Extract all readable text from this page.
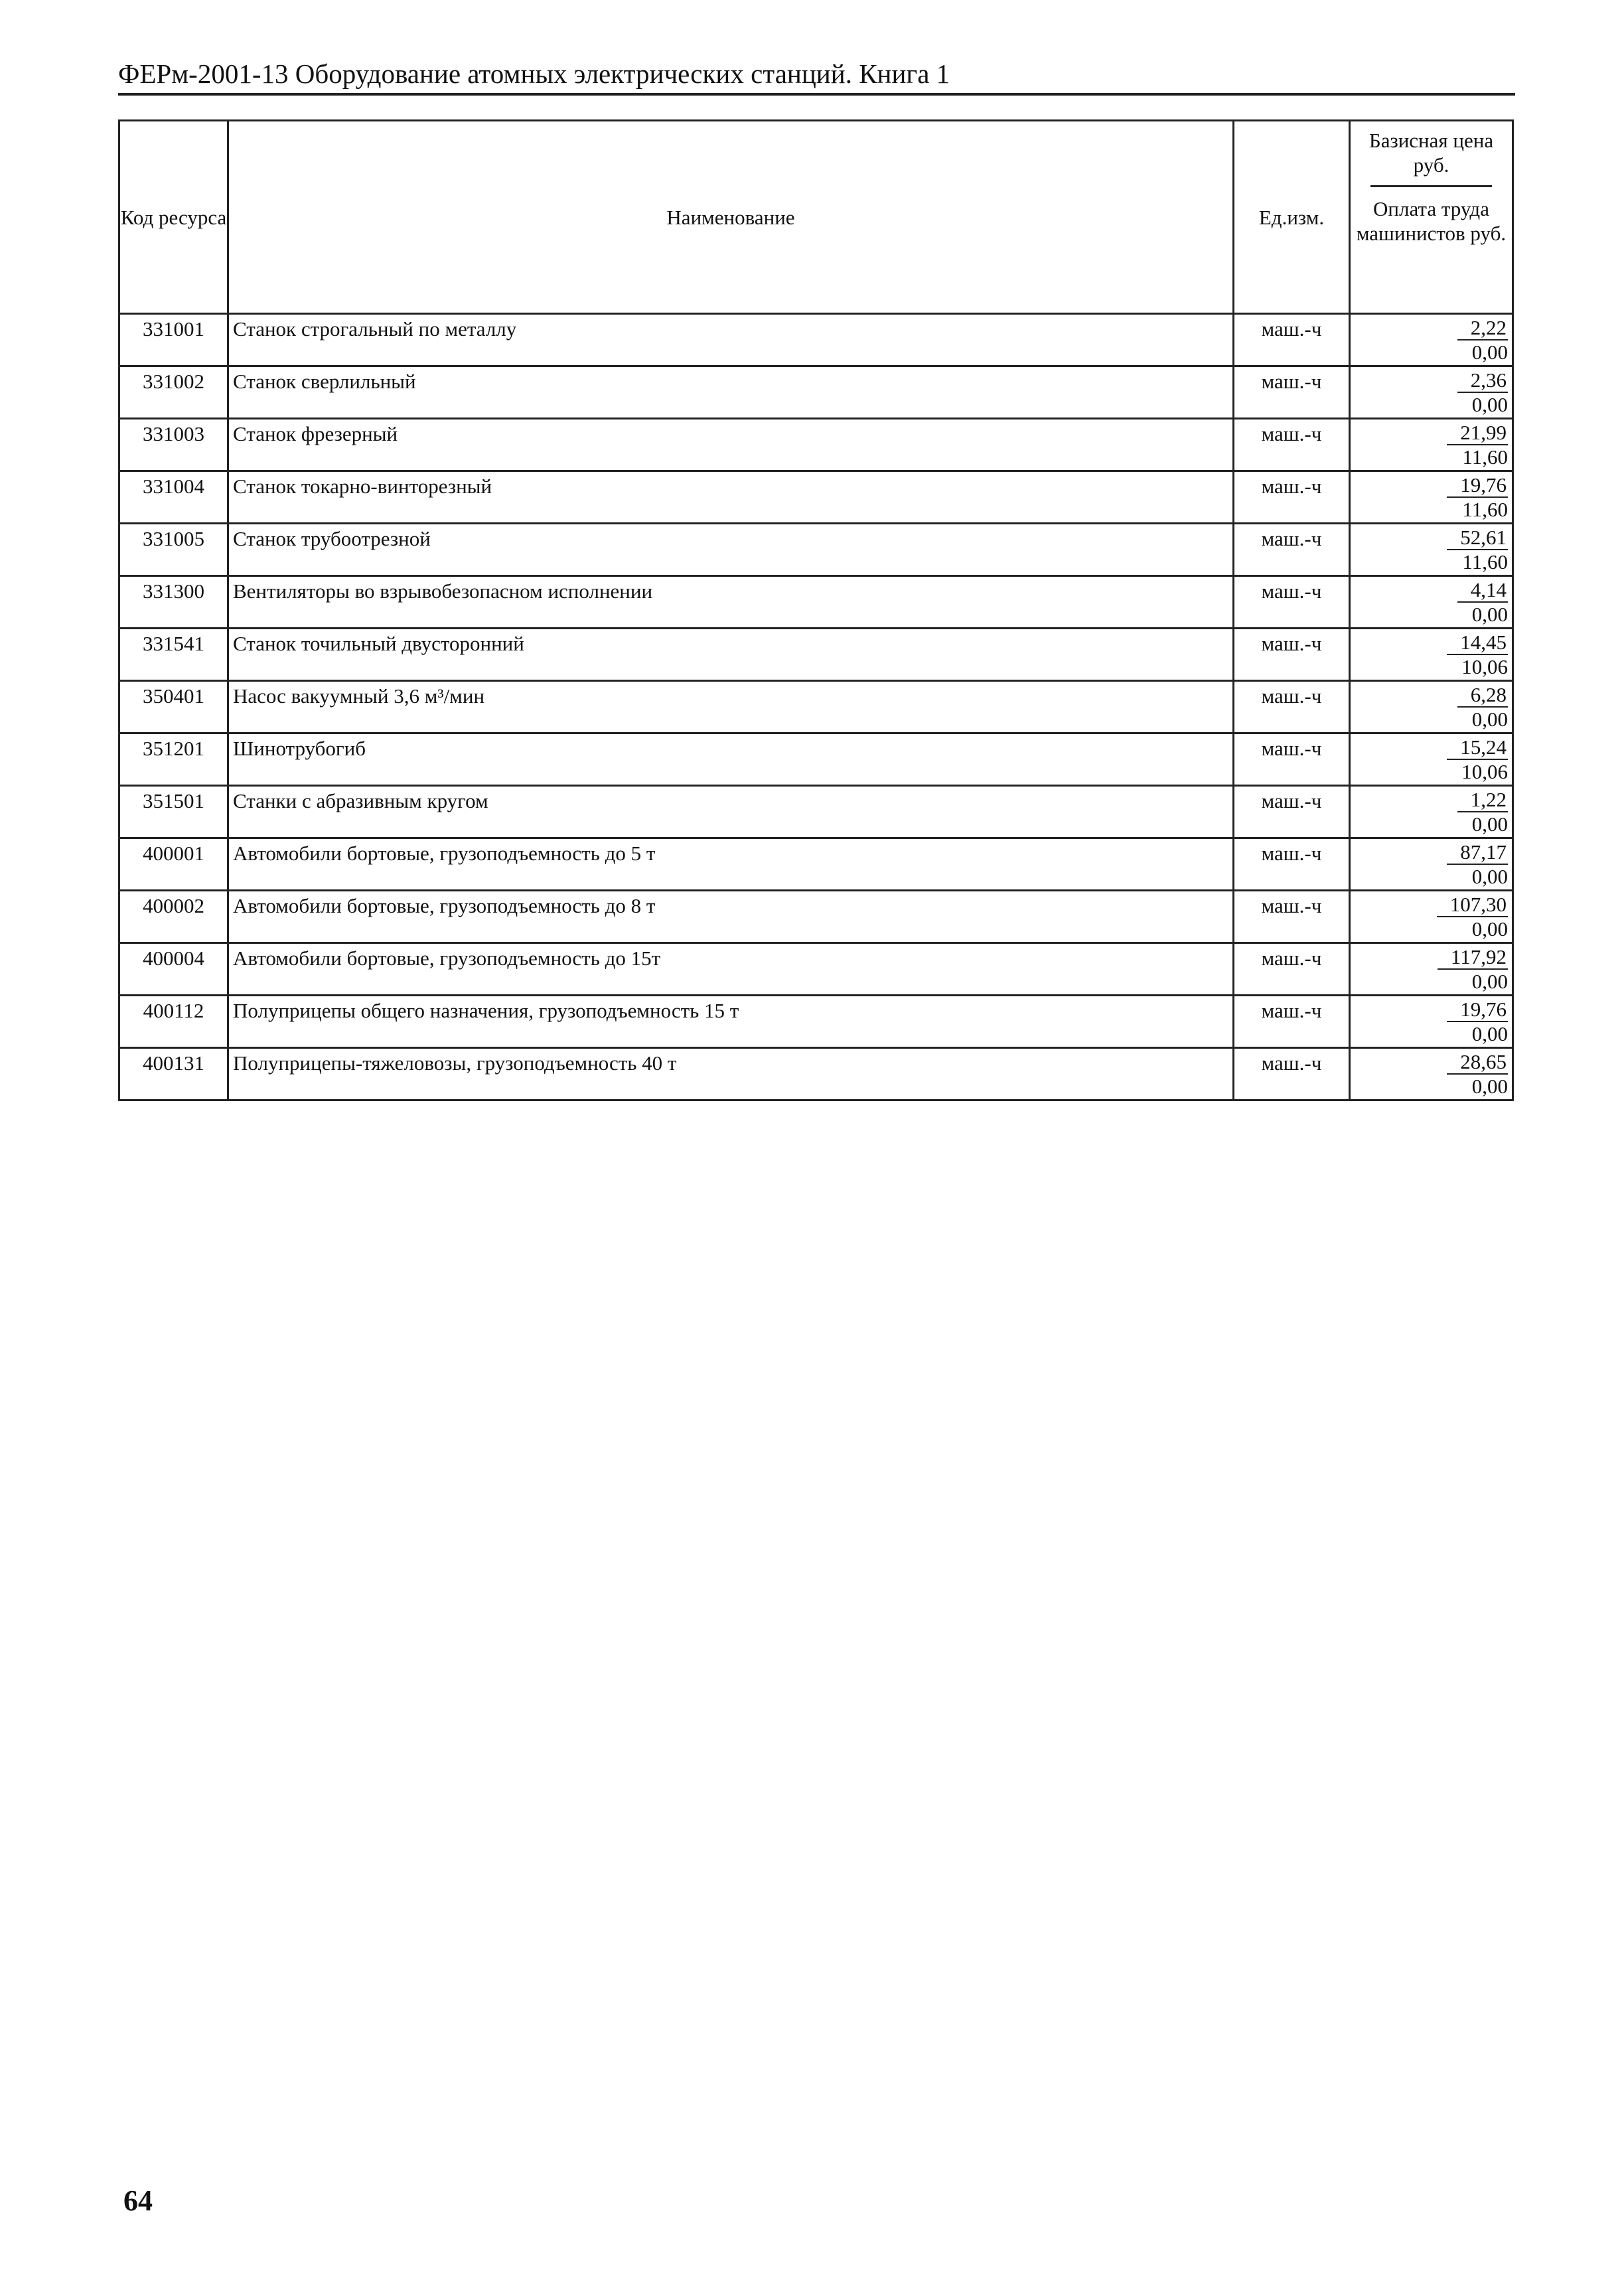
ФЕРм-2001-13 Оборудование атомных электрических станций. Книга 1
Код ресурса	Наименование	Ед.изм.	Базисная цена руб.
Оплата труда машинистов руб.

331001	Станок строгальный по металлу	маш.-ч	2,22
0,00

331002	Станок сверлильный	маш.-ч	2,36
0,00

331003	Станок фрезерный	маш.-ч	21,99
11,60

331004	Станок токарно-винторезный	маш.-ч	19,76
11,60

331005	Станок трубоотрезной	маш.-ч	52,61
11,60

331300	Вентиляторы во взрывобезопасном исполнении	маш.-ч	4,14
0,00

331541	Станок точильный двусторонний	маш.-ч	14,45
10,06

350401	Насос вакуумный 3,6 м³/мин	маш.-ч	6,28
0,00

351201	Шинотрубогиб	маш.-ч	15,24
10,06

351501	Станки с абразивным кругом	маш.-ч	1,22
0,00

400001	Автомобили бортовые, грузоподъемность до 5 т	маш.-ч	87,17
0,00

400002	Автомобили бортовые, грузоподъемность до 8 т	маш.-ч	107,30
0,00

400004	Автомобили бортовые, грузоподъемность до 15т	маш.-ч	117,92
0,00

400112	Полуприцепы общего назначения, грузоподъемность 15 т	маш.-ч	19,76
0,00

400131	Полуприцепы-тяжеловозы, грузоподъемность 40 т	маш.-ч	28,65
0,00
64
